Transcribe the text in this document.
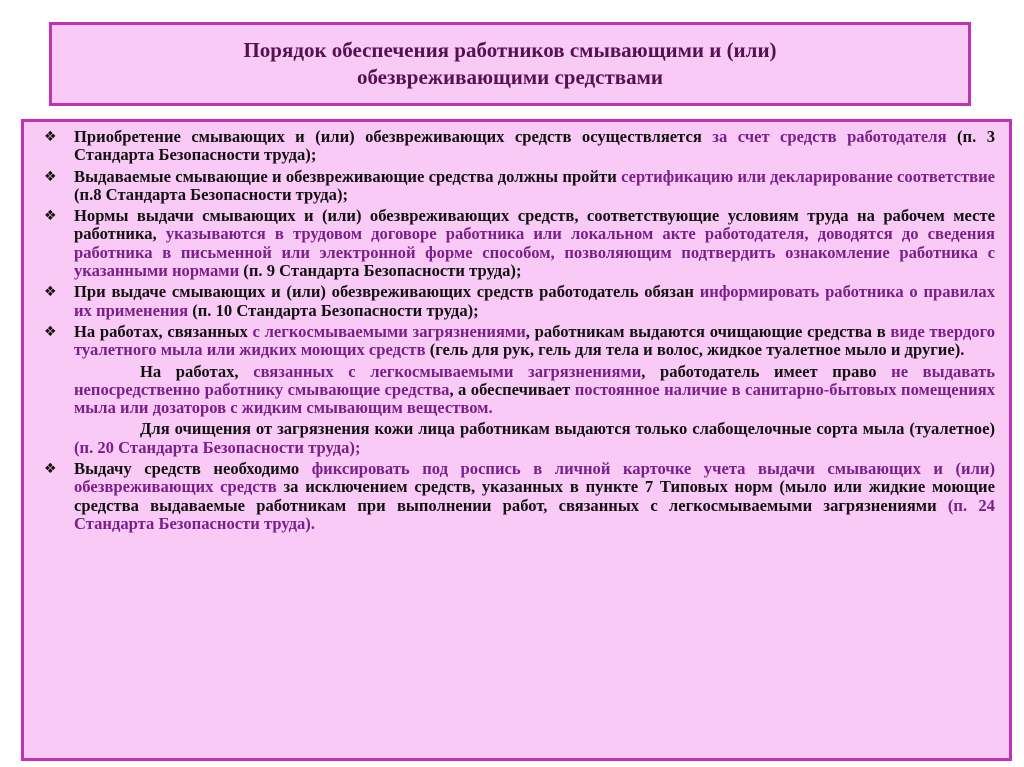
Порядок обеспечения работников смывающими и (или) обезвреживающими средствами

❖ Приобретение смывающих и (или) обезвреживающих средств осуществляется за счет средств работодателя (п. 3 Стандарта Безопасности труда);
❖ Выдаваемые смывающие и обезвреживающие средства должны пройти сертификацию или декларирование соответствие (п.8 Стандарта Безопасности труда);
❖ Нормы выдачи смывающих и (или) обезвреживающих средств, соответствующие условиям труда на рабочем месте работника, указываются в трудовом договоре работника или локальном акте работодателя, доводятся до сведения работника в письменной или электронной форме способом, позволяющим подтвердить ознакомление работника с указанными нормами (п. 9 Стандарта Безопасности труда);
❖ При выдаче смывающих и (или) обезвреживающих средств работодатель обязан информировать работника о правилах их применения (п. 10 Стандарта Безопасности труда);
❖ На работах, связанных с легкосмываемыми загрязнениями, работникам выдаются очищающие средства в виде твердого туалетного мыла или жидких моющих средств (гель для рук, гель для тела и волос, жидкое туалетное мыло и другие).
На работах, связанных с легкосмываемыми загрязнениями, работодатель имеет право не выдавать непосредственно работнику смывающие средства, а обеспечивает постоянное наличие в санитарно-бытовых помещениях мыла или дозаторов с жидким смывающим веществом.
Для очищения от загрязнения кожи лица работникам выдаются только слабощелочные сорта мыла (туалетное)(п. 20 Стандарта Безопасности труда);
❖ Выдачу средств необходимо фиксировать под роспись в личной карточке учета выдачи смывающих и (или) обезвреживающих средств за исключением средств, указанных в пункте 7 Типовых норм (мыло или жидкие моющие средства выдаваемые работникам при выполнении работ, связанных с легкосмываемыми загрязнениями (п. 24 Стандарта Безопасности труда).
